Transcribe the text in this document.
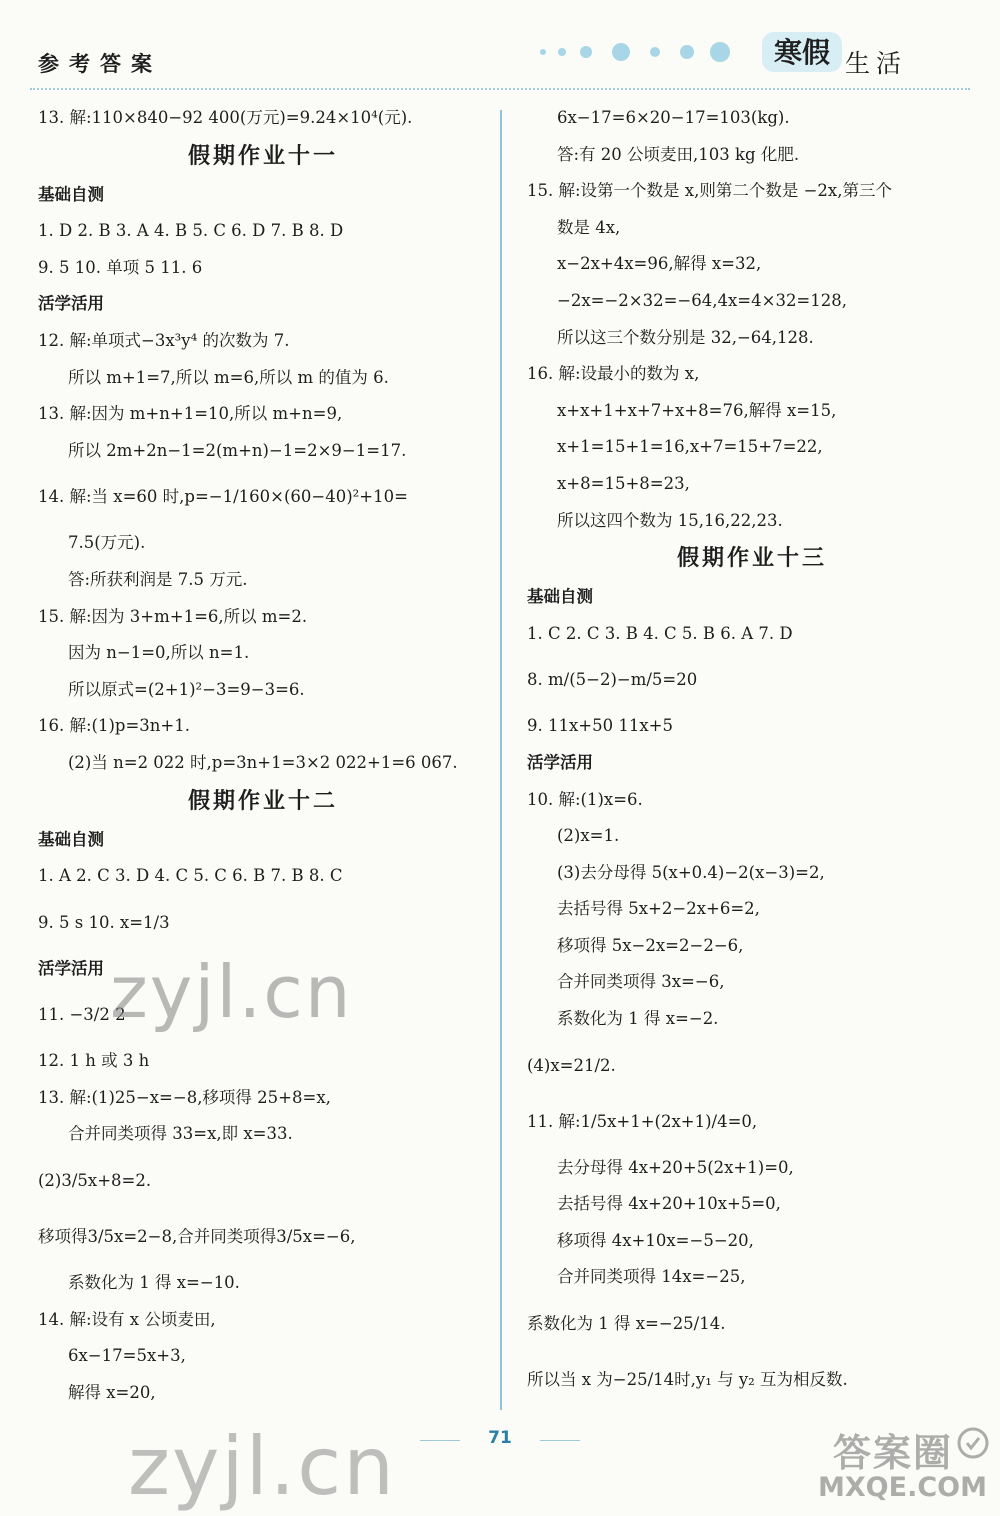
参考答案	寒假 生活
13. 解:110×840−92 400(万元)=9.24×10⁴(元).
假期作业十一
基础自测
1. D 2. B 3. A 4. B 5. C 6. D 7. B 8. D
9. 5 10. 单项 5 11. 6
活学活用
12. 解:单项式−3x³y⁴ 的次数为 7.
所以 m+1=7,所以 m=6,所以 m 的值为 6.
13. 解:因为 m+n+1=10,所以 m+n=9,
所以 2m+2n−1=2(m+n)−1=2×9−1=17.
14. 解:当 x=60 时,p=−1/160×(60−40)²+10=
7.5(万元).
答:所获利润是 7.5 万元.
15. 解:因为 3+m+1=6,所以 m=2.
因为 n−1=0,所以 n=1.
所以原式=(2+1)²−3=9−3=6.
16. 解:(1)p=3n+1.
(2)当 n=2 022 时,p=3n+1=3×2 022+1=6 067.
假期作业十二
基础自测
1. A 2. C 3. D 4. C 5. C 6. B 7. B 8. C
9. 5 s 10. x=1/3
活学活用
11. −3/2 2
12. 1 h 或 3 h
13. 解:(1)25−x=−8,移项得 25+8=x,
合并同类项得 33=x,即 x=33.
(2)3/5x+8=2.
移项得3/5x=2−8,合并同类项得3/5x=−6,
系数化为 1 得 x=−10.
14. 解:设有 x 公顷麦田,
6x−17=5x+3,
解得 x=20,
6x−17=6×20−17=103(kg).
答:有 20 公顷麦田,103 kg 化肥.
15. 解:设第一个数是 x,则第二个数是 −2x,第三个
数是 4x,
x−2x+4x=96,解得 x=32,
−2x=−2×32=−64,4x=4×32=128,
所以这三个数分别是 32,−64,128.
16. 解:设最小的数为 x,
x+x+1+x+7+x+8=76,解得 x=15,
x+1=15+1=16,x+7=15+7=22,
x+8=15+8=23,
所以这四个数为 15,16,22,23.
假期作业十三
基础自测
1. C 2. C 3. B 4. C 5. B 6. A 7. D
8. m/(5−2)−m/5=20
9. 11x+50 11x+5
活学活用
10. 解:(1)x=6.
(2)x=1.
(3)去分母得 5(x+0.4)−2(x−3)=2,
去括号得 5x+2−2x+6=2,
移项得 5x−2x=2−2−6,
合并同类项得 3x=−6,
系数化为 1 得 x=−2.
(4)x=21/2.
11. 解:1/5x+1+(2x+1)/4=0,
去分母得 4x+20+5(2x+1)=0,
去括号得 4x+20+10x+5=0,
移项得 4x+10x=−5−20,
合并同类项得 14x=−25,
系数化为 1 得 x=−25/14.
所以当 x 为−25/14时,y₁ 与 y₂ 互为相反数.
71
zyjl.cn
zyjl.cn	答案圈
MXQE.COM
